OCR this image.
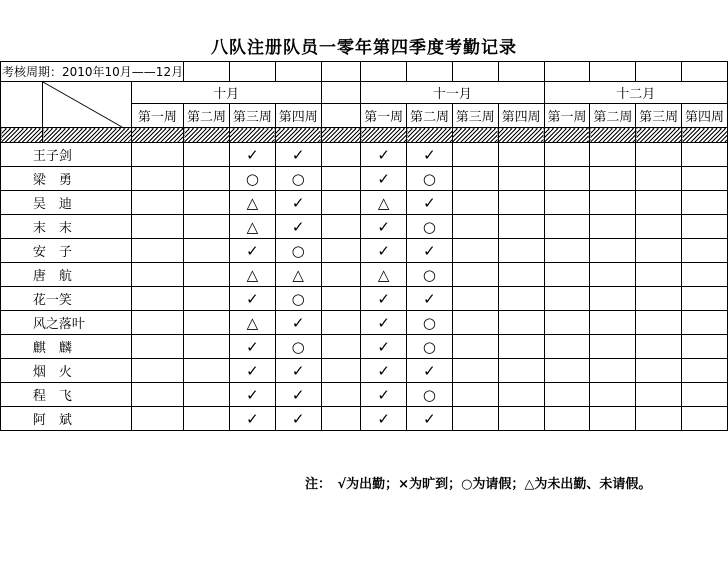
八队注册队员一零年第四季度考勤记录
考核周期：2010年10月——12月														

	十月					十一月				十二月			
		第一周	第二周	第三周	第四周		第一周	第二周	第三周	第四周	第一周	第二周	第三周	第四周

	王子剑			✓	✓		✓	✓						
	梁　勇			○	○		✓	○						
	吴　迪			△	✓		△	✓						
	末　末			△	✓		✓	○						
	安　子			✓	○		✓	✓						
	唐　航			△	△		△	○						
	花一笑			✓	○		✓	✓						
	风之落叶			△	✓		✓	○						
	麒　麟			✓	○		✓	○						
	烟　火			✓	✓		✓	✓						
	程　飞			✓	✓		✓	○						
	阿　斌			✓	✓		✓	✓						
注：　√为出勤；×为旷到；○为请假；△为未出勤、未请假。
